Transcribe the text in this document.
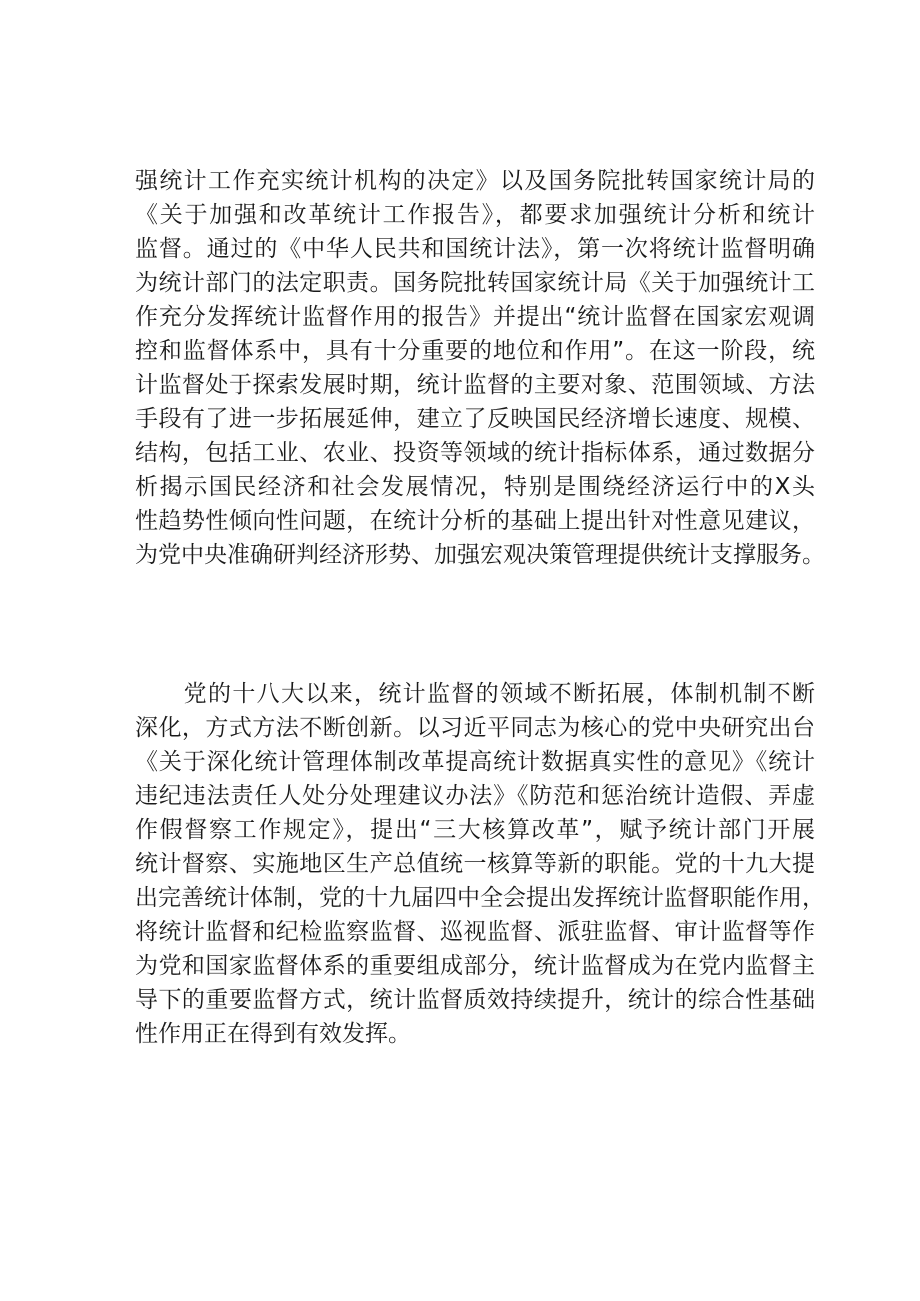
强统计工作充实统计机构的决定》以及国务院批转国家统计局的
《关于加强和改革统计工作报告》，都要求加强统计分析和统计
监督。通过的《中华人民共和国统计法》，第一次将统计监督明确
为统计部门的法定职责。国务院批转国家统计局《关于加强统计工
作充分发挥统计监督作用的报告》并提出“统计监督在国家宏观调
控和监督体系中，具有十分重要的地位和作用”。在这一阶段，统
计监督处于探索发展时期，统计监督的主要对象、范围领域、方法
手段有了进一步拓展延伸，建立了反映国民经济增长速度、规模、
结构，包括工业、农业、投资等领域的统计指标体系，通过数据分
析揭示国民经济和社会发展情况，特别是围绕经济运行中的X头
性趋势性倾向性问题，在统计分析的基础上提出针对性意见建议，
为党中央准确研判经济形势、加强宏观决策管理提供统计支撑服务。
　　党的十八大以来，统计监督的领域不断拓展，体制机制不断
深化，方式方法不断创新。以习近平同志为核心的党中央研究出台
《关于深化统计管理体制改革提高统计数据真实性的意见》《统计
违纪违法责任人处分处理建议办法》《防范和惩治统计造假、弄虚
作假督察工作规定》，提出“三大核算改革”，赋予统计部门开展
统计督察、实施地区生产总值统一核算等新的职能。党的十九大提
出完善统计体制，党的十九届四中全会提出发挥统计监督职能作用，
将统计监督和纪检监察监督、巡视监督、派驻监督、审计监督等作
为党和国家监督体系的重要组成部分，统计监督成为在党内监督主
导下的重要监督方式，统计监督质效持续提升，统计的综合性基础
性作用正在得到有效发挥。
